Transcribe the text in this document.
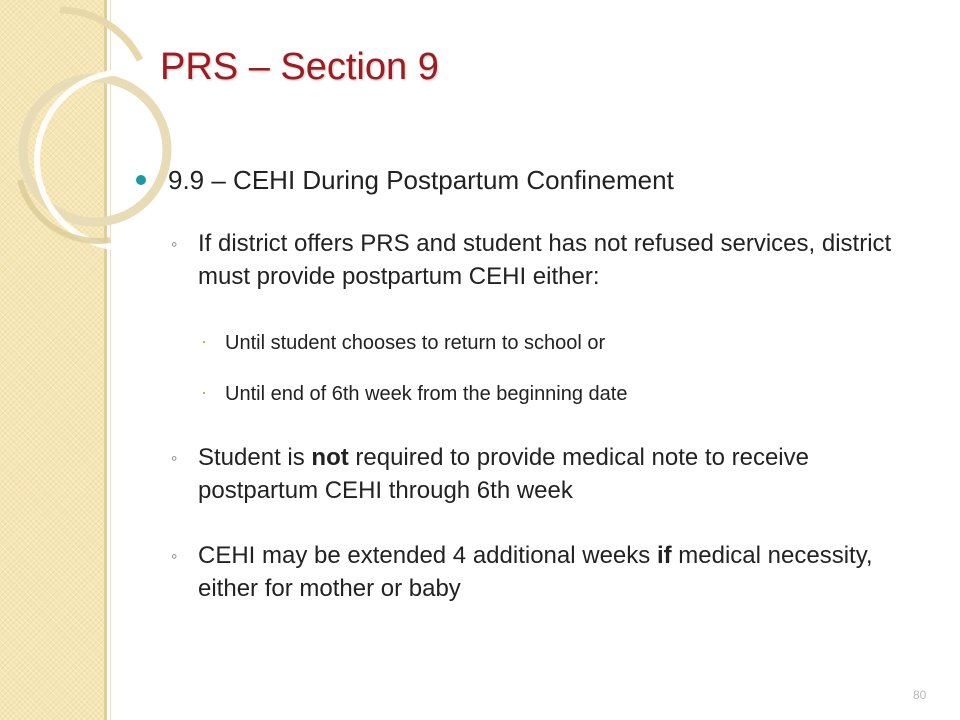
PRS – Section 9
9.9 – CEHI During Postpartum Confinement
◦ If district offers PRS and student has not refused services, district must provide postpartum CEHI either:
· Until student chooses to return to school or
· Until end of 6th week from the beginning date
◦ Student is not required to provide medical note to receive postpartum CEHI through 6th week
◦ CEHI may be extended 4 additional weeks if medical necessity, either for mother or baby
80
